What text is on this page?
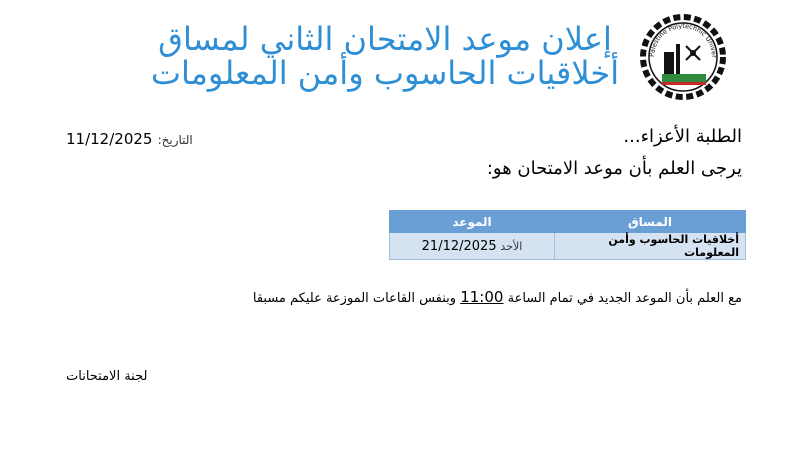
إعلان موعد الامتحان الثاني لمساق
أخلاقيات الحاسوب وأمن المعلومات	Palestine Polytechnic Univer
الطلبة الأعزاء...
التاريخ: 11/12/2025
يرجى العلم بأن موعد الامتحان هو:
المساق	الموعد
أخلاقيات الحاسوب وأمن المعلومات	الأحد 21/12/2025
مع العلم بأن الموعد الجديد في تمام الساعة 11:00 وبنفس القاعات الموزعة عليكم مسبقا
لجنة الامتحانات
